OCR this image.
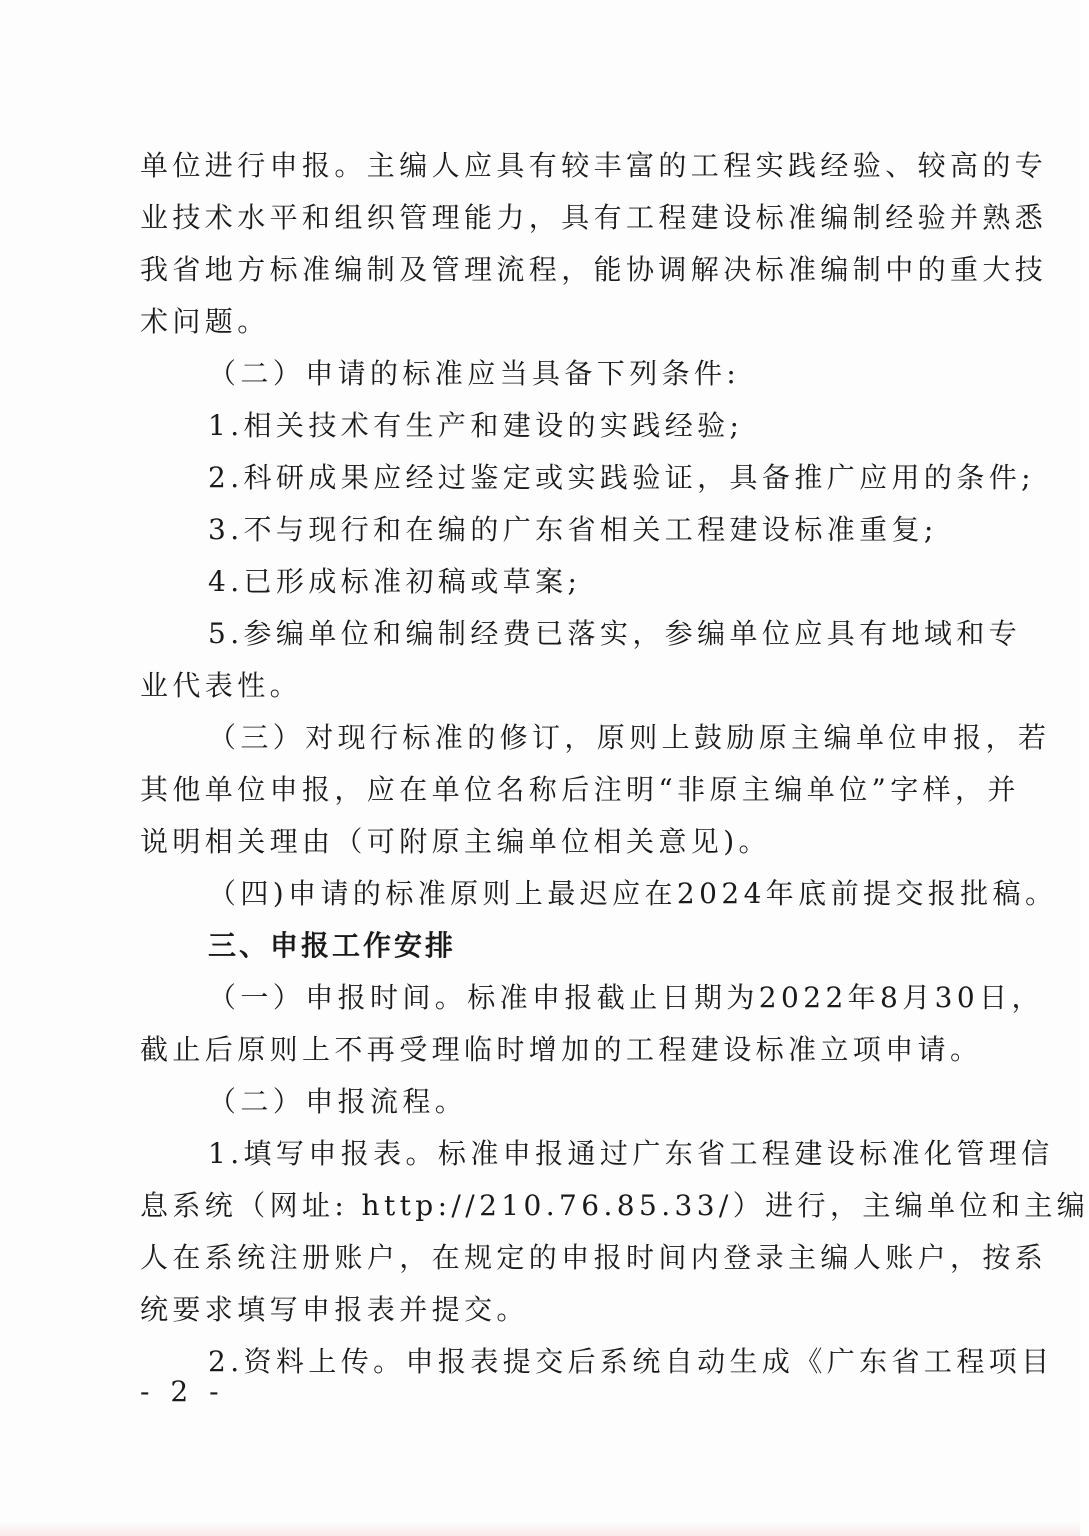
单位进行申报。主编人应具有较丰富的工程实践经验、较高的专
业技术水平和组织管理能力，具有工程建设标准编制经验并熟悉
我省地方标准编制及管理流程，能协调解决标准编制中的重大技
术问题。
（二）申请的标准应当具备下列条件:
1.相关技术有生产和建设的实践经验;
2.科研成果应经过鉴定或实践验证，具备推广应用的条件;
3.不与现行和在编的广东省相关工程建设标准重复;
4.已形成标准初稿或草案;
5.参编单位和编制经费已落实，参编单位应具有地域和专
业代表性。
（三）对现行标准的修订，原则上鼓励原主编单位申报，若
其他单位申报，应在单位名称后注明“非原主编单位”字样，并
说明相关理由（可附原主编单位相关意见)。
（四)申请的标准原则上最迟应在2024年底前提交报批稿。
三、申报工作安排
（一）申报时间。标准申报截止日期为2022年8月30日，
截止后原则上不再受理临时增加的工程建设标准立项申请。
（二）申报流程。
1.填写申报表。标准申报通过广东省工程建设标准化管理信
息系统（网址: http://210.76.85.33/）进行，主编单位和主编
人在系统注册账户，在规定的申报时间内登录主编人账户，按系
统要求填写申报表并提交。
2.资料上传。申报表提交后系统自动生成《广东省工程项目
- 2 -
